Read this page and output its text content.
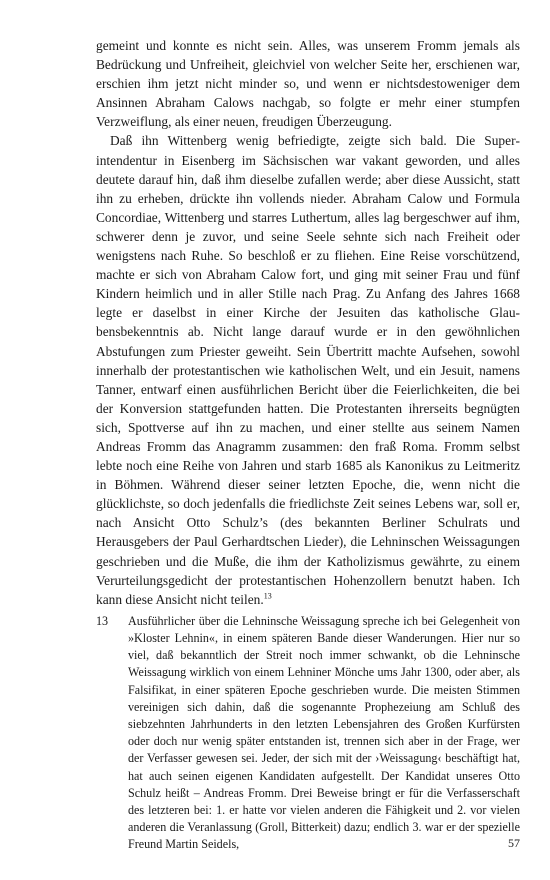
gemeint und konnte es nicht sein. Alles, was unserem Fromm jemals als Bedrückung und Unfreiheit, gleichviel von welcher Seite her, erschienen war, erschien ihm jetzt nicht minder so, und wenn er nichtsdestoweniger dem Ansinnen Abraham Calows nachgab, so folgte er mehr einer stumpfen Verzweiflung, als einer neuen, freudigen Überzeugung.

Daß ihn Wittenberg wenig befriedigte, zeigte sich bald. Die Superintendentur in Eisenberg im Sächsischen war vakant geworden, und alles deutete darauf hin, daß ihm dieselbe zufallen werde; aber diese Aussicht, statt ihn zu erheben, drückte ihn vollends nieder. Abraham Calow und Formula Concordiae, Wittenberg und starres Luthertum, alles lag bergeschwer auf ihm, schwerer denn je zuvor, und seine Seele sehnte sich nach Freiheit oder wenigstens nach Ruhe. So beschloß er zu fliehen. Eine Reise vorschützend, machte er sich von Abraham Calow fort, und ging mit seiner Frau und fünf Kindern heimlich und in aller Stille nach Prag. Zu Anfang des Jahres 1668 legte er daselbst in einer Kirche der Jesuiten das katholische Glaubensbekenntnis ab. Nicht lange darauf wurde er in den gewöhnlichen Abstufungen zum Priester geweiht. Sein Übertritt machte Aufsehen, sowohl innerhalb der protestantischen wie katholischen Welt, und ein Jesuit, namens Tanner, entwarf einen ausführlichen Bericht über die Feierlichkeiten, die bei der Konversion stattgefunden hatten. Die Protestanten ihrerseits begnügten sich, Spottverse auf ihn zu machen, und einer stellte aus seinem Namen Andreas Fromm das Anagramm zusammen: den fraß Roma. Fromm selbst lebte noch eine Reihe von Jahren und starb 1685 als Kanonikus zu Leitmeritz in Böhmen. Während dieser seiner letzten Epoche, die, wenn nicht die glücklichste, so doch jedenfalls die friedlichste Zeit seines Lebens war, soll er, nach Ansicht Otto Schulz’s (des bekannten Berliner Schulrats und Herausgebers der Paul Gerhardtschen Lieder), die Lehninschen Weissagungen geschrieben und die Muße, die ihm der Katholizismus gewährte, zu einem Verurteilungsgedicht der protestantischen Hohenzollern benutzt haben. Ich kann diese Ansicht nicht teilen.$^{13}$

13 Ausführlicher über die Lehninsche Weissagung spreche ich bei Gelegenheit von »Kloster Lehnin«, in einem späteren Bande dieser Wanderungen. Hier nur so viel, daß bekanntlich der Streit noch immer schwankt, ob die Lehninsche Weissagung wirklich von einem Lehniner Mönche ums Jahr 1300, oder aber, als Falsifikat, in einer späteren Epoche geschrieben wurde. Die meisten Stimmen vereinigen sich dahin, daß die sogenannte Prophezeiung am Schluß des siebzehnten Jahrhunderts in den letzten Lebensjahren des Großen Kurfürsten oder doch nur wenig später entstanden ist, trennen sich aber in der Frage, wer der Verfasser gewesen sei. Jeder, der sich mit der ›Weissagung‹ beschäftigt hat, hat auch seinen eigenen Kandidaten aufgestellt. Der Kandidat unseres Otto Schulz heißt – Andreas Fromm. Drei Beweise bringt er für die Verfasserschaft des letzteren bei: 1. er hatte vor vielen anderen die Fähigkeit und 2. vor vielen anderen die Veranlassung (Groll, Bitterkeit) dazu; endlich 3. war er der spezielle Freund Martin Seidels,	57
